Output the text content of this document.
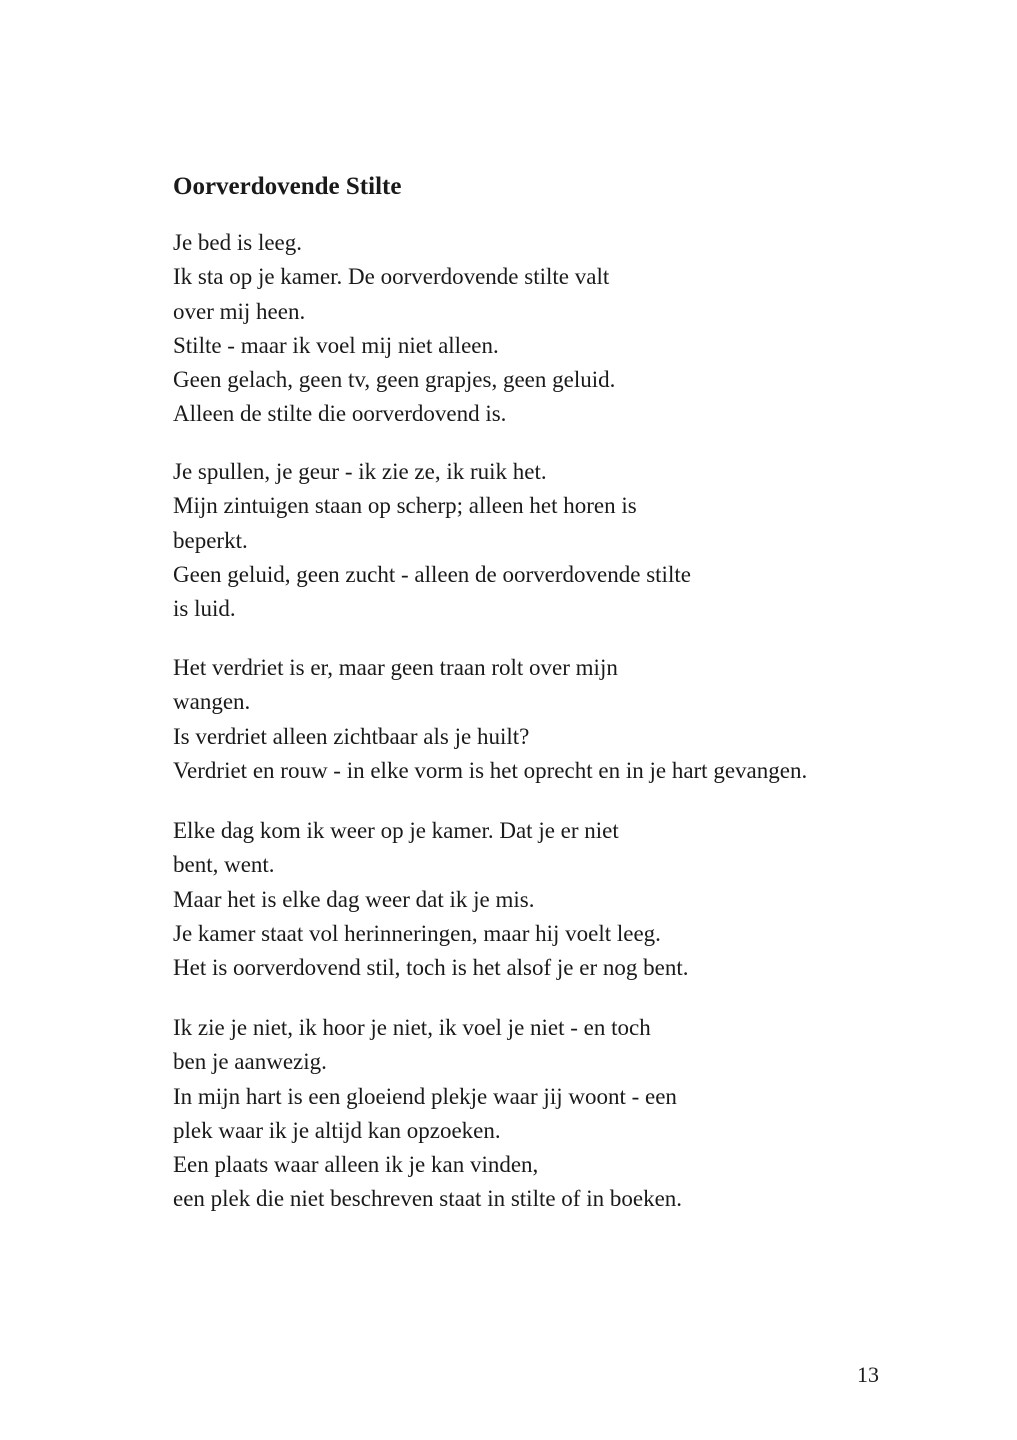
Oorverdovende Stilte

Je bed is leeg.
Ik sta op je kamer. De oorverdovende stilte valt
over mij heen.
Stilte - maar ik voel mij niet alleen.
Geen gelach, geen tv, geen grapjes, geen geluid.
Alleen de stilte die oorverdovend is.

Je spullen, je geur - ik zie ze, ik ruik het.
Mijn zintuigen staan op scherp; alleen het horen is
beperkt.
Geen geluid, geen zucht - alleen de oorverdovende stilte
is luid.

Het verdriet is er, maar geen traan rolt over mijn
wangen.
Is verdriet alleen zichtbaar als je huilt?
Verdriet en rouw - in elke vorm is het oprecht en in je hart gevangen.

Elke dag kom ik weer op je kamer. Dat je er niet
bent, went.
Maar het is elke dag weer dat ik je mis.
Je kamer staat vol herinneringen, maar hij voelt leeg.
Het is oorverdovend stil, toch is het alsof je er nog bent.

Ik zie je niet, ik hoor je niet, ik voel je niet - en toch
ben je aanwezig.
In mijn hart is een gloeiend plekje waar jij woont - een
plek waar ik je altijd kan opzoeken.
Een plaats waar alleen ik je kan vinden,
een plek die niet beschreven staat in stilte of in boeken.

13
